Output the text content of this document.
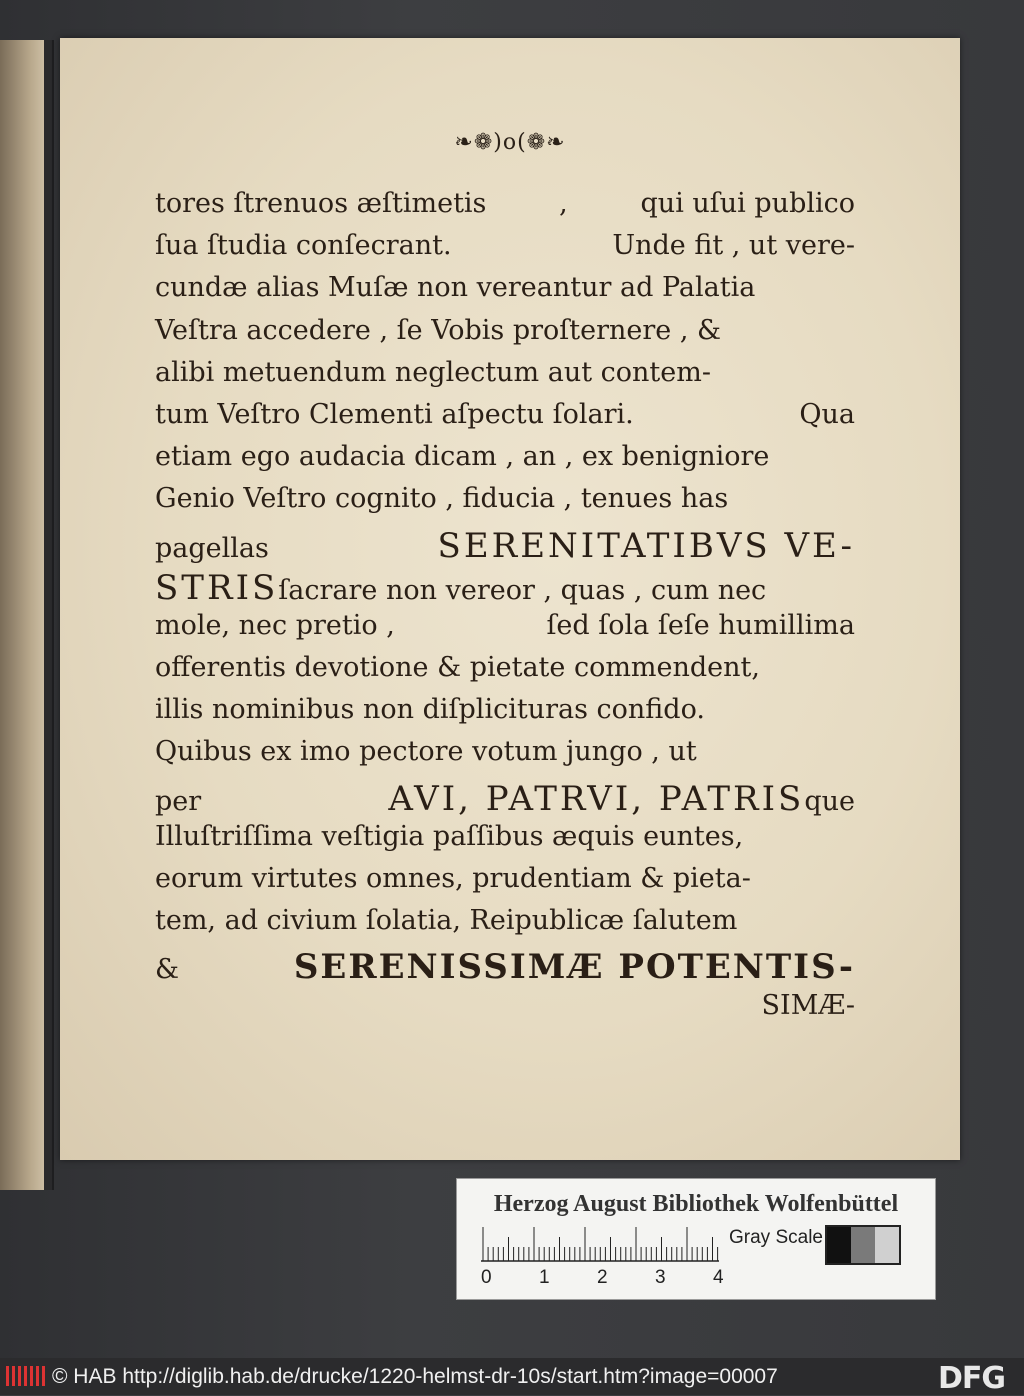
❧❁)o(❁❧
tores ſtrenuos æſtimetis	,	qui uſui publico
ſua ſtudia conſecrant.	Unde fit , ut vere-
cundæ alias Muſæ non vereantur ad Palatia
Veſtra accedere , ſe Vobis proſternere , &
alibi metuendum neglectum aut contem-
tum Veſtro Clementi aſpectu ſolari.	Qua
etiam ego audacia dicam , an , ex benigniore
Genio Veſtro cognito , fiducia , tenues has
pagellas	SERENITATIBVS VE-
STRISſacrare non vereor , quas , cum nec
mole, nec pretio ,	ſed ſola ſeſe humillima
offerentis devotione & pietate commendent,
illis nominibus non diſplicituras confido.
Quibus ex imo pectore votum jungo , ut
per	AVI, PATRVI, PATRISque
Illuſtriſſima veſtigia paſſibus æquis euntes,
eorum virtutes omnes, prudentiam & pieta-
tem, ad civium ſolatia, Reipublicæ ſalutem
&	SERENISSIMÆ POTENTIS-
SIMÆ-
Herzog August Bibliothek Wolfenbüttel
0 1 2 3 4
Gray Scale
© HAB http://diglib.hab.de/drucke/1220-helmst-dr-10s/start.htm?image=00007	DFG
